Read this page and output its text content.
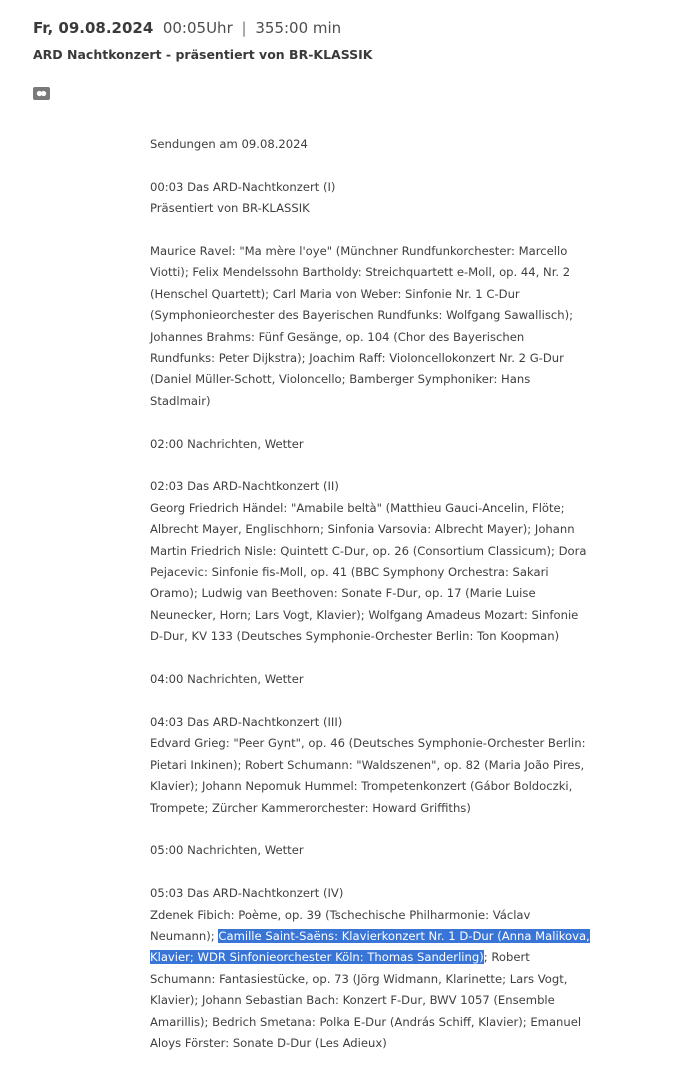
Fr, 09.08.2024 00:05Uhr | 355:00 min
ARD Nachtkonzert - präsentiert von BR-KLASSIK

Sendungen am 09.08.2024

00:03 Das ARD-Nachtkonzert (I)
Präsentiert von BR-KLASSIK

Maurice Ravel: "Ma mère l'oye" (Münchner Rundfunkorchester: Marcello Viotti); Felix Mendelssohn Bartholdy: Streichquartett e-Moll, op. 44, Nr. 2 (Henschel Quartett); Carl Maria von Weber: Sinfonie Nr. 1 C-Dur (Symphonieorchester des Bayerischen Rundfunks: Wolfgang Sawallisch); Johannes Brahms: Fünf Gesänge, op. 104 (Chor des Bayerischen Rundfunks: Peter Dijkstra); Joachim Raff: Violoncellokonzert Nr. 2 G-Dur (Daniel Müller-Schott, Violoncello; Bamberger Symphoniker: Hans Stadlmair)

02:00 Nachrichten, Wetter

02:03 Das ARD-Nachtkonzert (II)
Georg Friedrich Händel: "Amabile beltà" (Matthieu Gauci-Ancelin, Flöte; Albrecht Mayer, Englischhorn; Sinfonia Varsovia: Albrecht Mayer); Johann Martin Friedrich Nisle: Quintett C-Dur, op. 26 (Consortium Classicum); Dora Pejacevic: Sinfonie fis-Moll, op. 41 (BBC Symphony Orchestra: Sakari Oramo); Ludwig van Beethoven: Sonate F-Dur, op. 17 (Marie Luise Neunecker, Horn; Lars Vogt, Klavier); Wolfgang Amadeus Mozart: Sinfonie D-Dur, KV 133 (Deutsches Symphonie-Orchester Berlin: Ton Koopman)

04:00 Nachrichten, Wetter

04:03 Das ARD-Nachtkonzert (III)
Edvard Grieg: "Peer Gynt", op. 46 (Deutsches Symphonie-Orchester Berlin: Pietari Inkinen); Robert Schumann: "Waldszenen", op. 82 (Maria João Pires, Klavier); Johann Nepomuk Hummel: Trompetenkonzert (Gábor Boldoczki, Trompete; Zürcher Kammerorchester: Howard Griffiths)

05:00 Nachrichten, Wetter

05:03 Das ARD-Nachtkonzert (IV)
Zdenek Fibich: Poème, op. 39 (Tschechische Philharmonie: Václav Neumann); Camille Saint-Saëns: Klavierkonzert Nr. 1 D-Dur (Anna Malikova, Klavier; WDR Sinfonieorchester Köln: Thomas Sanderling); Robert Schumann: Fantasiestücke, op. 73 (Jörg Widmann, Klarinette; Lars Vogt, Klavier); Johann Sebastian Bach: Konzert F-Dur, BWV 1057 (Ensemble Amarillis); Bedrich Smetana: Polka E-Dur (András Schiff, Klavier); Emanuel Aloys Förster: Sonate D-Dur (Les Adieux)
